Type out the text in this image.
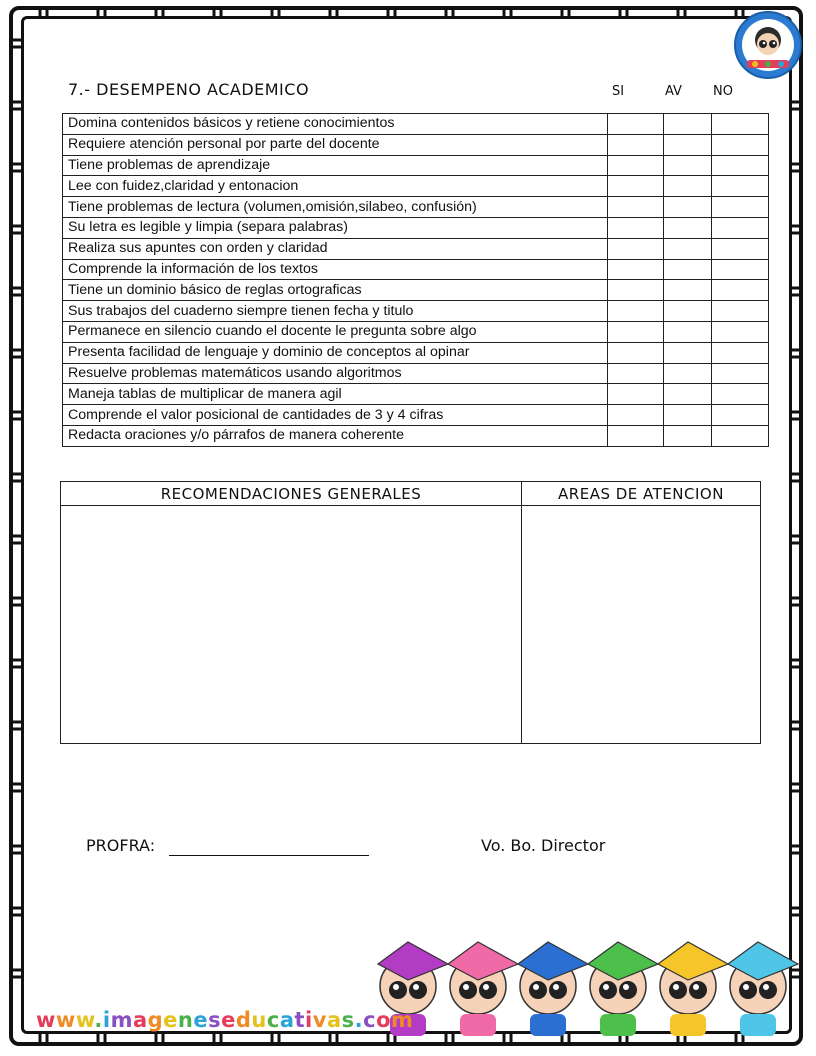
7.- DESEMPENO ACADEMICO	SI	AV NO
Domina contenidos básicos y retiene conocimientos			
Requiere atención personal por parte del docente			
Tiene problemas de aprendizaje			
Lee con fuidez,claridad y entonacion			
Tiene problemas de lectura (volumen,omisión,silabeo, confusión)			
Su letra es legible y limpia (separa palabras)			
Realiza sus apuntes con orden y claridad			
Comprende la información de los textos			
Tiene un dominio básico de reglas ortograficas			
Sus trabajos del cuaderno siempre tienen fecha y titulo			
Permanece en silencio cuando el docente le pregunta sobre algo			
Presenta facilidad de lenguaje y dominio de conceptos al opinar			
Resuelve problemas matemáticos usando algoritmos			
Maneja tablas de multiplicar de manera agil			
Comprende el valor posicional de cantidades de 3 y 4 cifras			
Redacta oraciones y/o párrafos de manera coherente			
RECOMENDACIONES GENERALES	AREAS DE ATENCION
PROFRA:	Vo. Bo. Director
www.imageneseducativas.com
